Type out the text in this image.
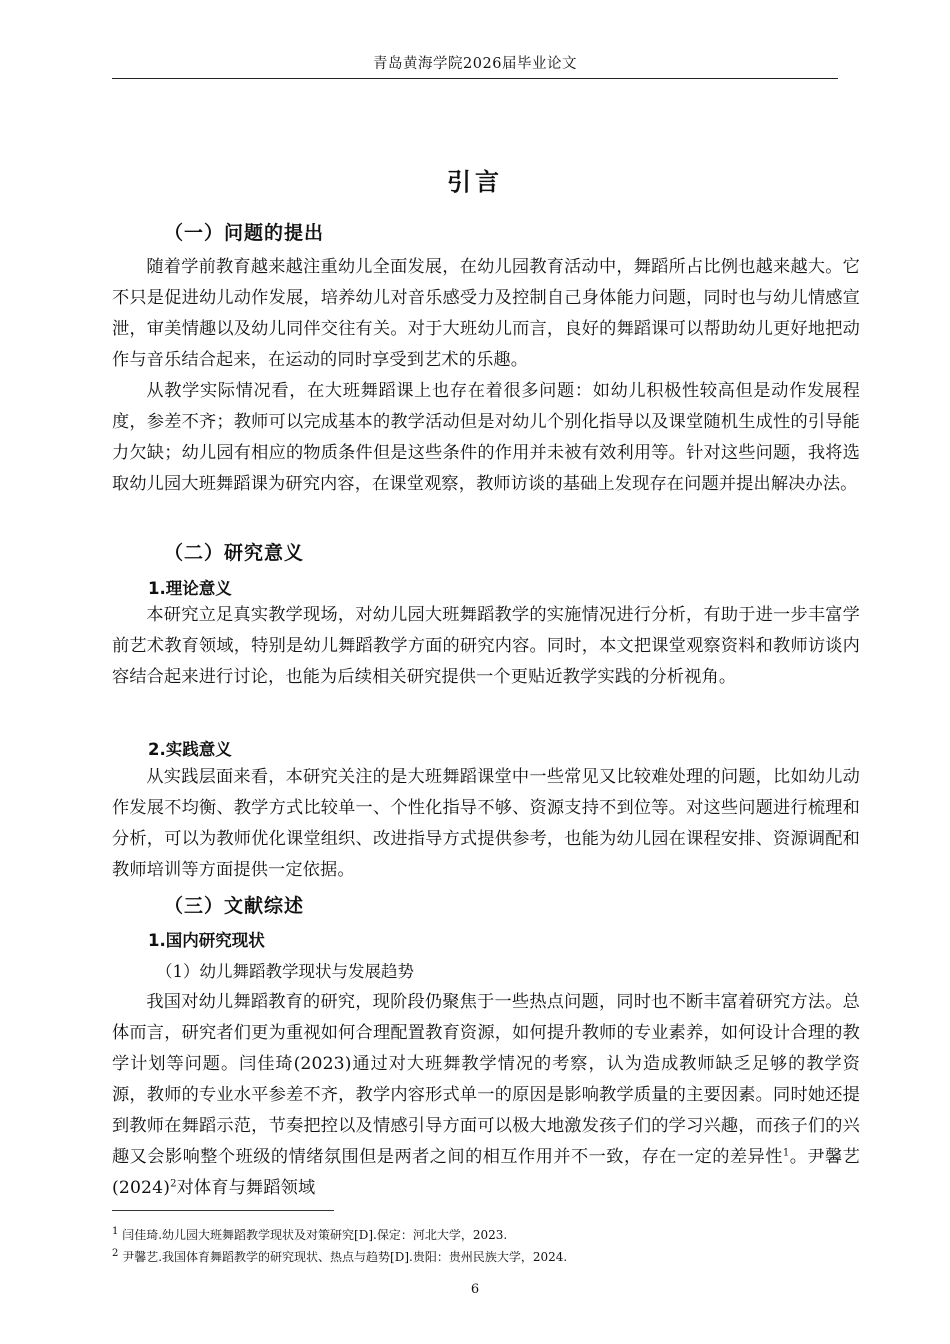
青岛黄海学院2026届毕业论文
引言
（一）问题的提出

随着学前教育越来越注重幼儿全面发展，在幼儿园教育活动中，舞蹈所占比例也越来越大。它不只是促进幼儿动作发展，培养幼儿对音乐感受力及控制自己身体能力问题，同时也与幼儿情感宣泄，审美情趣以及幼儿同伴交往有关。对于大班幼儿而言，良好的舞蹈课可以帮助幼儿更好地把动作与音乐结合起来，在运动的同时享受到艺术的乐趣。

从教学实际情况看，在大班舞蹈课上也存在着很多问题：如幼儿积极性较高但是动作发展程度，参差不齐；教师可以完成基本的教学活动但是对幼儿个别化指导以及课堂随机生成性的引导能力欠缺；幼儿园有相应的物质条件但是这些条件的作用并未被有效利用等。针对这些问题，我将选取幼儿园大班舞蹈课为研究内容，在课堂观察，教师访谈的基础上发现存在问题并提出解决办法。

（二）研究意义
1.理论意义

本研究立足真实教学现场，对幼儿园大班舞蹈教学的实施情况进行分析，有助于进一步丰富学前艺术教育领域，特别是幼儿舞蹈教学方面的研究内容。同时，本文把课堂观察资料和教师访谈内容结合起来进行讨论，也能为后续相关研究提供一个更贴近教学实践的分析视角。

2.实践意义

从实践层面来看，本研究关注的是大班舞蹈课堂中一些常见又比较难处理的问题，比如幼儿动作发展不均衡、教学方式比较单一、个性化指导不够、资源支持不到位等。对这些问题进行梳理和分析，可以为教师优化课堂组织、改进指导方式提供参考，也能为幼儿园在课程安排、资源调配和教师培训等方面提供一定依据。

（三）文献综述
1.国内研究现状
（1）幼儿舞蹈教学现状与发展趋势

我国对幼儿舞蹈教育的研究，现阶段仍聚焦于一些热点问题，同时也不断丰富着研究方法。总体而言，研究者们更为重视如何合理配置教育资源，如何提升教师的专业素养，如何设计合理的教学计划等问题。闫佳琦(2023)通过对大班舞教学情况的考察，认为造成教师缺乏足够的教学资源，教师的专业水平参差不齐，教学内容形式单一的原因是影响教学质量的主要因素。同时她还提到教师在舞蹈示范，节奏把控以及情感引导方面可以极大地激发孩子们的学习兴趣，而孩子们的兴趣又会影响整个班级的情绪氛围但是两者之间的相互作用并不一致，存在一定的差异性$^1$。尹馨艺$(2024)^2$对体育与舞蹈领域

$^1$ 闫佳琦.幼儿园大班舞蹈教学现状及对策研究[D].保定：河北大学，2023.
$^2$ 尹馨艺.我国体育舞蹈教学的研究现状、热点与趋势[D].贵阳：贵州民族大学，2024.
6
